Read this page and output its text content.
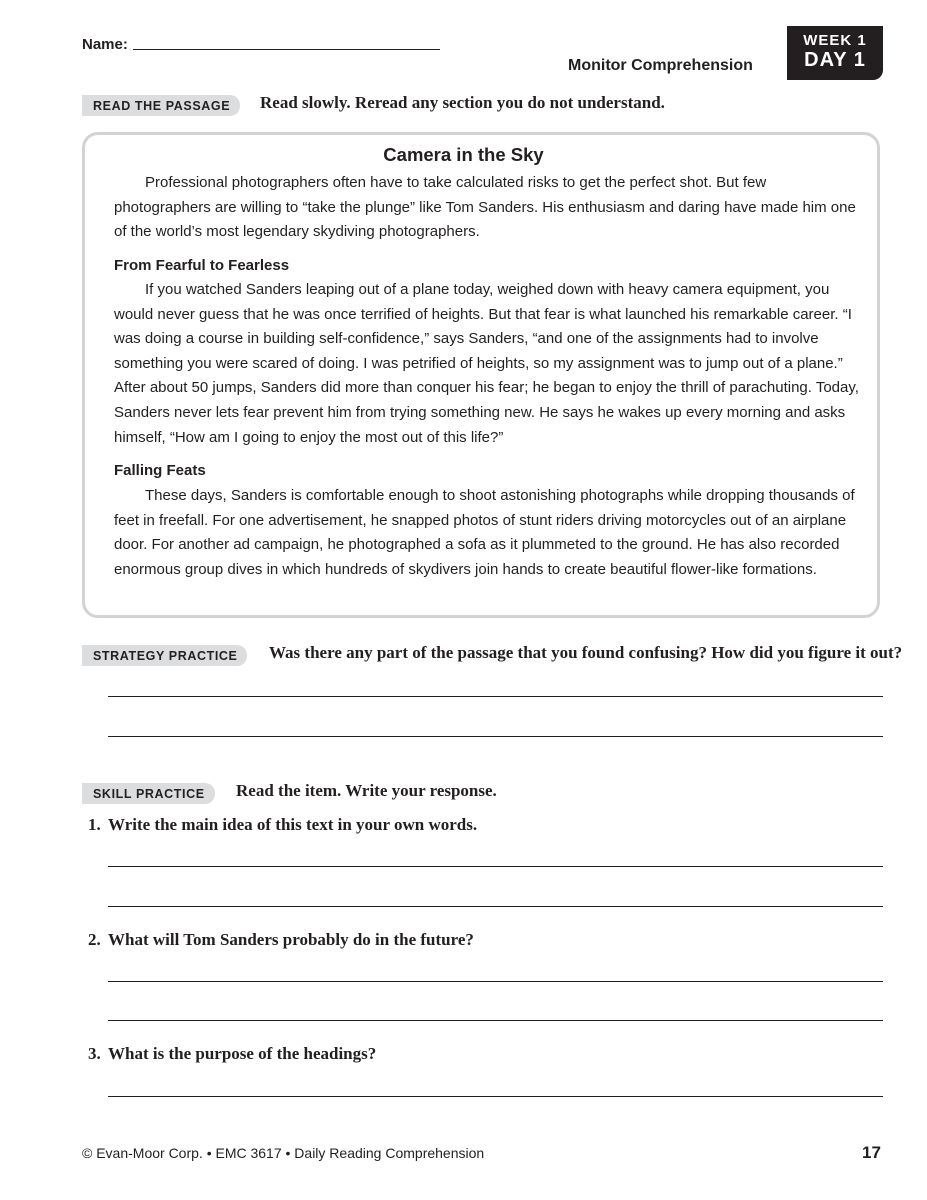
Name:
Monitor Comprehension
WEEK 1
DAY 1
READ THE PASSAGE	Read slowly. Reread any section you do not understand.
Camera in the Sky

Professional photographers often have to take calculated risks to get the perfect shot. But few photographers are willing to “take the plunge” like Tom Sanders. His enthusiasm and daring have made him one of the world’s most legendary skydiving photographers.

From Fearful to Fearless

If you watched Sanders leaping out of a plane today, weighed down with heavy camera equipment, you would never guess that he was once terrified of heights. But that fear is what launched his remarkable career. “I was doing a course in building self-confidence,” says Sanders, “and one of the assignments had to involve something you were scared of doing. I was petrified of heights, so my assignment was to jump out of a plane.” After about 50 jumps, Sanders did more than conquer his fear; he began to enjoy the thrill of parachuting. Today, Sanders never lets fear prevent him from trying something new. He says he wakes up every morning and asks himself, “How am I going to enjoy the most out of this life?”

Falling Feats

These days, Sanders is comfortable enough to shoot astonishing photographs while dropping thousands of feet in freefall. For one advertisement, he snapped photos of stunt riders driving motorcycles out of an airplane door. For another ad campaign, he photographed a sofa as it plummeted to the ground. He has also recorded enormous group dives in which hundreds of skydivers join hands to create beautiful flower-like formations.

STRATEGY PRACTICE	Was there any part of the passage that you found confusing? How did you figure it out?
SKILL PRACTICE	Read the item. Write your response.
1. Write the main idea of this text in your own words.
2. What will Tom Sanders probably do in the future?
3. What is the purpose of the headings?
© Evan-Moor Corp. • EMC 3617 • Daily Reading Comprehension	17
